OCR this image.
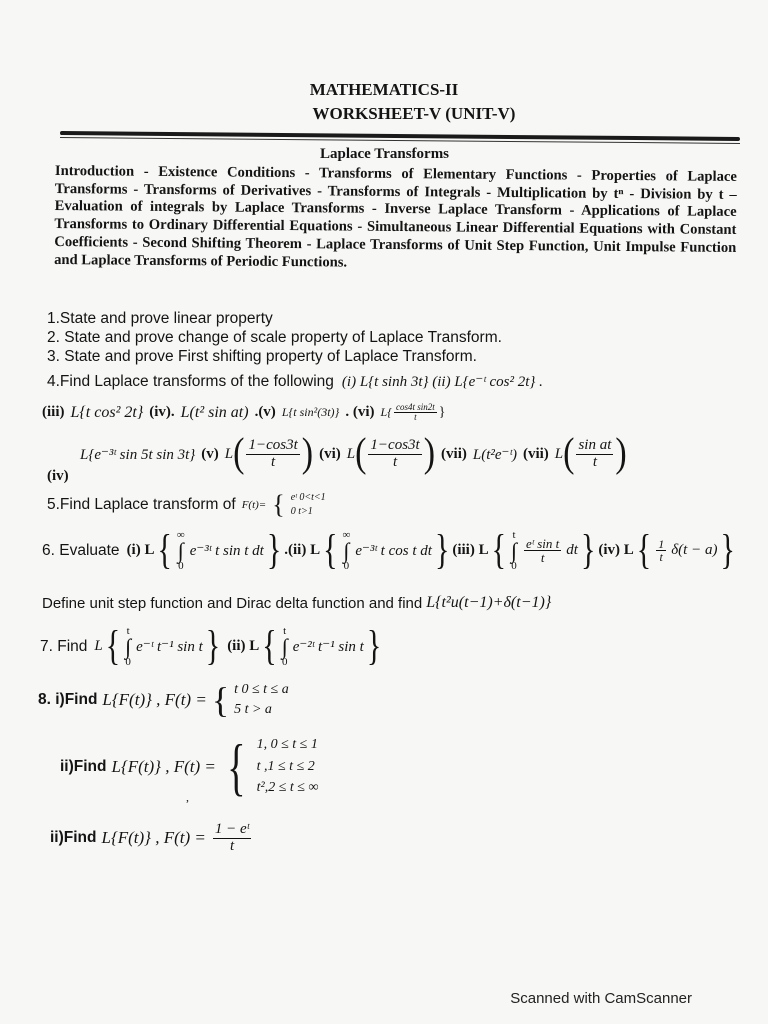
MATHEMATICS-II
WORKSHEET-V (UNIT-V)
Laplace Transforms
Introduction - Existence Conditions - Transforms of Elementary Functions - Properties of Laplace Transforms - Transforms of Derivatives - Transforms of Integrals - Multiplication by tⁿ - Division by t – Evaluation of integrals by Laplace Transforms - Inverse Laplace Transform - Applications of Laplace Transforms to Ordinary Differential Equations - Simultaneous Linear Differential Equations with Constant Coefficients - Second Shifting Theorem - Laplace Transforms of Unit Step Function, Unit Impulse Function and Laplace Transforms of Periodic Functions.
1.State and prove linear property
2. State and prove change of scale property of Laplace Transform.
3. State and prove First shifting property of Laplace Transform.
4.Find Laplace transforms of the following (i) L{t sinh 3t} (ii) L{e⁻ᵗ cos² 2t} .
(iii) L{t cos² 2t} (iv). L(t² sin at) .(v) L{t sin²(3t)} . (vi) $L\{ \frac{\text{cos4t sin2t}}{t}$ }
(iv)
L{e⁻³ᵗ sin 5t sin 3t} (v) L ( $\frac{1-\cos 3t}{t}$ ) (vi) L ( $\frac{1-\cos 3t}{t}$ ) (vii) L(t²e⁻ᵗ) (vii) L ( $\frac{\text{sin at}}{t}$ )
5.Find Laplace transform of F(t)= { eᵗ 0<t<1
0 t>1
6. Evaluate (i) L { ∞
∫
0
e⁻³ᵗ t sin t dt } .(ii) L { ∞
∫
0
e⁻³ᵗ t cos t dt } (iii) L { t
∫
0
$\frac{\text{eᵗ sin t}}{t}$ dt } (iv) L { $\frac{1}{t} \delta(t - a)$ }
Define unit step function and Dirac delta function and find L{t²u(t−1)+δ(t−1)}
7. Find L { t
∫
0
e⁻ᵗ t⁻¹ sin t } (ii) L { t
∫
0
e⁻²ᵗ t⁻¹ sin t }
8. i)Find L{F(t)} , F(t) = { t 0 ≤ t ≤ a
5 t > a
ii)Find L{F(t)} , F(t) = { 1, 0 ≤ t ≤ 1
t ,1 ≤ t ≤ 2
t²,2 ≤ t ≤ ∞
,
ii)Find L{F(t)} , $F(t) = \frac{\text{1 − eᵗ}}{t}$
Scanned with CamScanner
